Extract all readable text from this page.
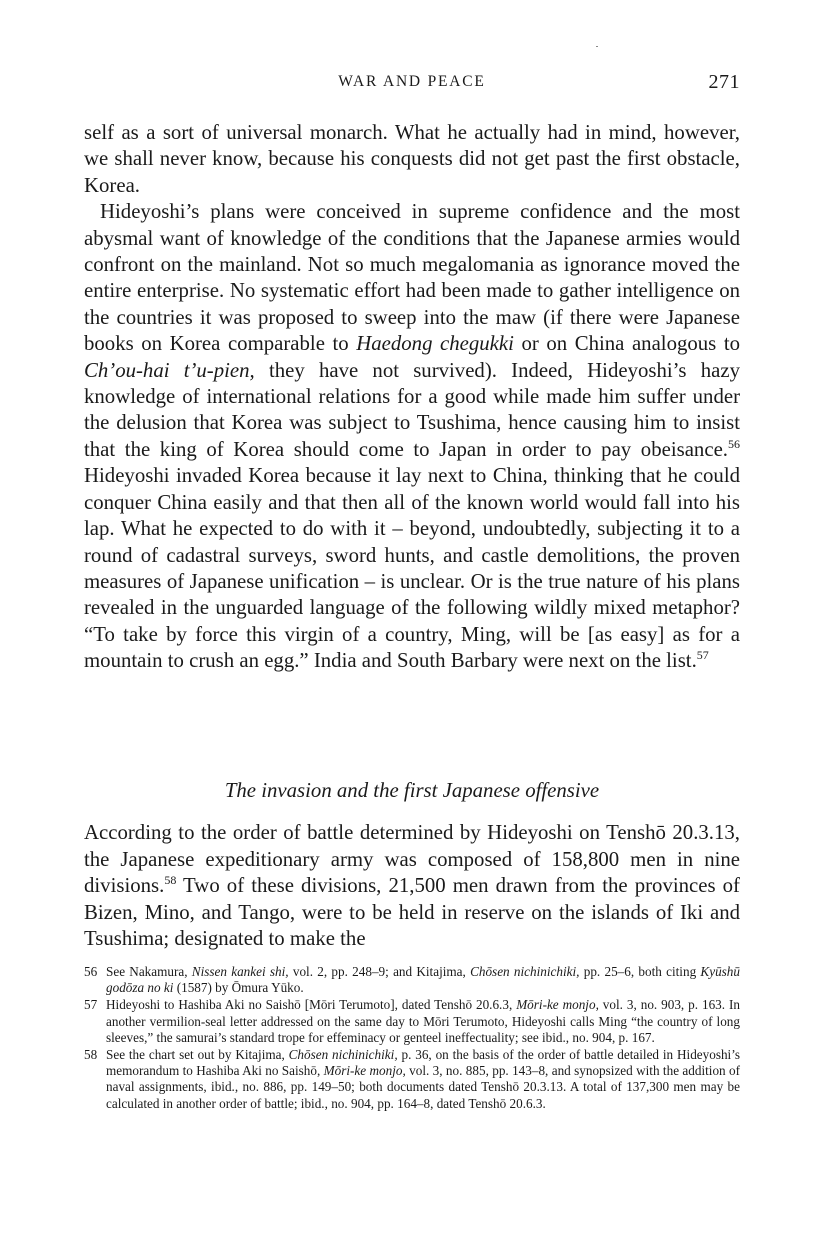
WAR AND PEACE	271

self as a sort of universal monarch. What he actually had in mind, however, we shall never know, because his conquests did not get past the first obstacle, Korea.

Hideyoshi’s plans were conceived in supreme confidence and the most abysmal want of knowledge of the conditions that the Japanese armies would confront on the mainland. Not so much megalomania as ignorance moved the entire enterprise. No systematic effort had been made to gather intelligence on the countries it was proposed to sweep into the maw (if there were Japanese books on Korea comparable to Haedong chegukki or on China analogous to Ch’ou-hai t’u-pien, they have not survived). Indeed, Hideyoshi’s hazy knowledge of international relations for a good while made him suffer under the delusion that Korea was subject to Tsushima, hence causing him to insist that the king of Korea should come to Japan in order to pay obeisance.$^{56}$ Hideyoshi invaded Korea because it lay next to China, thinking that he could conquer China easily and that then all of the known world would fall into his lap. What he expected to do with it – beyond, undoubtedly, subjecting it to a round of cadastral surveys, sword hunts, and castle demolitions, the proven measures of Japanese unification – is unclear. Or is the true nature of his plans revealed in the unguarded language of the following wildly mixed metaphor? “To take by force this virgin of a country, Ming, will be [as easy] as for a mountain to crush an egg.” India and South Barbary were next on the list.$^{57}$

The invasion and the first Japanese offensive

According to the order of battle determined by Hideyoshi on Tenshō 20.3.13, the Japanese expeditionary army was composed of 158,800 men in nine divisions.$^{58}$ Two of these divisions, 21,500 men drawn from the provinces of Bizen, Mino, and Tango, were to be held in reserve on the islands of Iki and Tsushima; designated to make the

56 See Nakamura, Nissen kankei shi, vol. 2, pp. 248–9; and Kitajima, Chōsen nichinichiki, pp. 25–6, both citing Kyūshū godōza no ki (1587) by Ōmura Yūko.
57 Hideyoshi to Hashiba Aki no Saishō [Mōri Terumoto], dated Tenshō 20.6.3, Mōri-ke monjo, vol. 3, no. 903, p. 163. In another vermilion-seal letter addressed on the same day to Mōri Terumoto, Hideyoshi calls Ming “the country of long sleeves,” the samurai’s standard trope for effeminacy or genteel ineffectuality; see ibid., no. 904, p. 167.
58 See the chart set out by Kitajima, Chōsen nichinichiki, p. 36, on the basis of the order of battle detailed in Hideyoshi’s memorandum to Hashiba Aki no Saishō, Mōri-ke monjo, vol. 3, no. 885, pp. 143–8, and synopsized with the addition of naval assignments, ibid., no. 886, pp. 149–50; both documents dated Tenshō 20.3.13. A total of 137,300 men may be calculated in another order of battle; ibid., no. 904, pp. 164–8, dated Tenshō 20.6.3.
